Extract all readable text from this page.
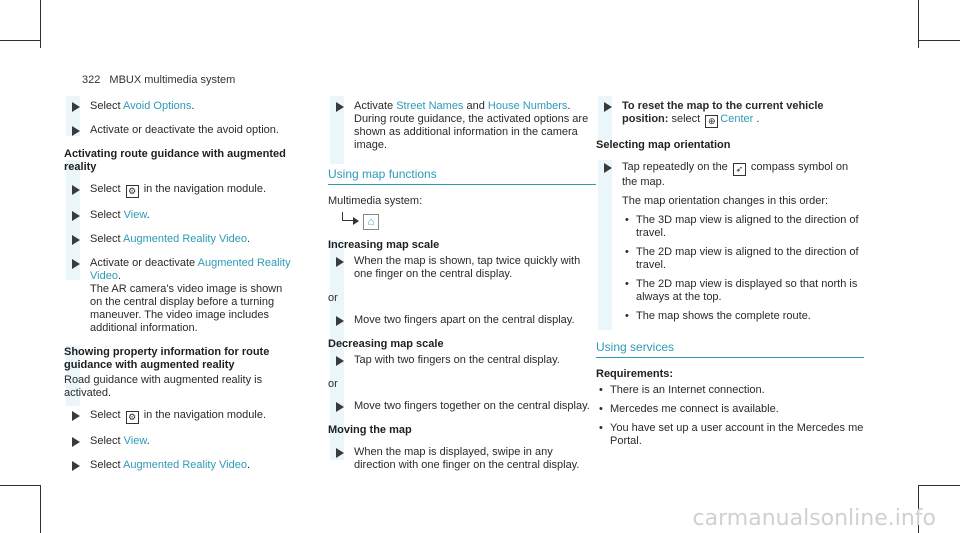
322 MBUX multimedia system
Select Avoid Options.
Activate or deactivate the avoid option.
Activating route guidance with augmented reality
Select ⚙ in the navigation module.
Select View.
Select Augmented Reality Video.
Activate or deactivate Augmented Reality Video.
The AR camera's video image is shown on the central display before a turning maneuver. The video image includes additional information.
Showing property information for route guidance with augmented reality
Road guidance with augmented reality is activated.
Select ⚙ in the navigation module.
Select View.
Select Augmented Reality Video.
Activate Street Names and House Numbers.
During route guidance, the activated options are shown as additional information in the camera image.
Using map functions
Multimedia system:
⌂
Increasing map scale
When the map is shown, tap twice quickly with one finger on the central display.
or
Move two fingers apart on the central display.
Decreasing map scale
Tap with two fingers on the central display.
or
Move two fingers together on the central display.
Moving the map
When the map is displayed, swipe in any direction with one finger on the central display.
To reset the map to the current vehicle position: select ⊕ Center .
Selecting map orientation
Tap repeatedly on the ➶ compass symbol on the map.
The map orientation changes in this order:
• The 3D map view is aligned to the direction of travel.
• The 2D map view is aligned to the direction of travel.
• The 2D map view is displayed so that north is always at the top.
• The map shows the complete route.
Using services
Requirements:
• There is an Internet connection.
• Mercedes me connect is available.
• You have set up a user account in the Mercedes me Portal.
carmanualsonline.info
